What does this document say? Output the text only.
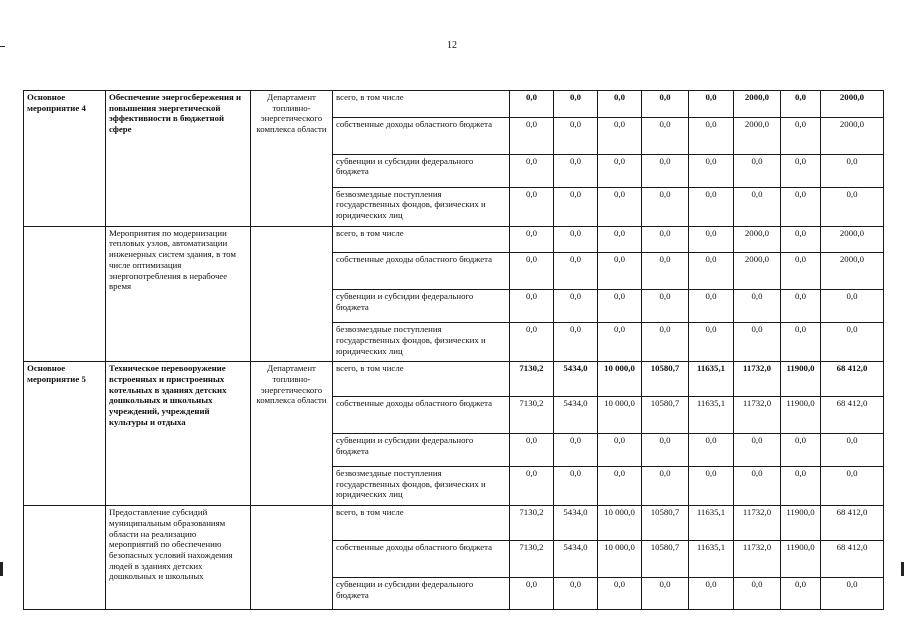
12
Основное мероприятие 4	Обеспечение энергосбережения и повышения энергетической эффективности в бюджетной сфере	Департамент топливно-энергетического комплекса области	всего, в том числе	0,0	0,0	0,0	0,0	0,0	2000,0	0,0	2000,0
			собственные доходы областного бюджета	0,0	0,0	0,0	0,0	0,0	2000,0	0,0	2000,0
			субвенции и субсидии федерального бюджета	0,0	0,0	0,0	0,0	0,0	0,0	0,0	0,0
			безвозмездные поступления государственных фондов, физических и юридических лиц	0,0	0,0	0,0	0,0	0,0	0,0	0,0	0,0
	Мероприятия по модернизации тепловых узлов, автоматизации инженерных систем здания, в том числе оптимизация энергопотребления в нерабочее время		всего, в том числе	0,0	0,0	0,0	0,0	0,0	2000,0	0,0	2000,0
			собственные доходы областного бюджета	0,0	0,0	0,0	0,0	0,0	2000,0	0,0	2000,0
			субвенции и субсидии федерального бюджета	0,0	0,0	0,0	0,0	0,0	0,0	0,0	0,0
			безвозмездные поступления государственных фондов, физических и юридических лиц	0,0	0,0	0,0	0,0	0,0	0,0	0,0	0,0
Основное мероприятие 5	Техническое перевооружение встроенных и пристроенных котельных в зданиях детских дошкольных и школьных учреждений, учреждений культуры и отдыха	Департамент топливно-энергетического комплекса области	всего, в том числе	7130,2	5434,0	10 000,0	10580,7	11635,1	11732,0	11900,0	68 412,0
			собственные доходы областного бюджета	7130,2	5434,0	10 000,0	10580,7	11635,1	11732,0	11900,0	68 412,0
			субвенции и субсидии федерального бюджета	0,0	0,0	0,0	0,0	0,0	0,0	0,0	0,0
			безвозмездные поступления государственных фондов, физических и юридических лиц	0,0	0,0	0,0	0,0	0,0	0,0	0,0	0,0
	Предоставление субсидий муниципальным образованиям области на реализацию мероприятий по обеспечению безопасных условий нахождения людей в зданиях детских дошкольных и школьных		всего, в том числе	7130,2	5434,0	10 000,0	10580,7	11635,1	11732,0	11900,0	68 412,0
			собственные доходы областного бюджета	7130,2	5434,0	10 000,0	10580,7	11635,1	11732,0	11900,0	68 412,0
			субвенции и субсидии федерального бюджета	0,0	0,0	0,0	0,0	0,0	0,0	0,0	0,0
